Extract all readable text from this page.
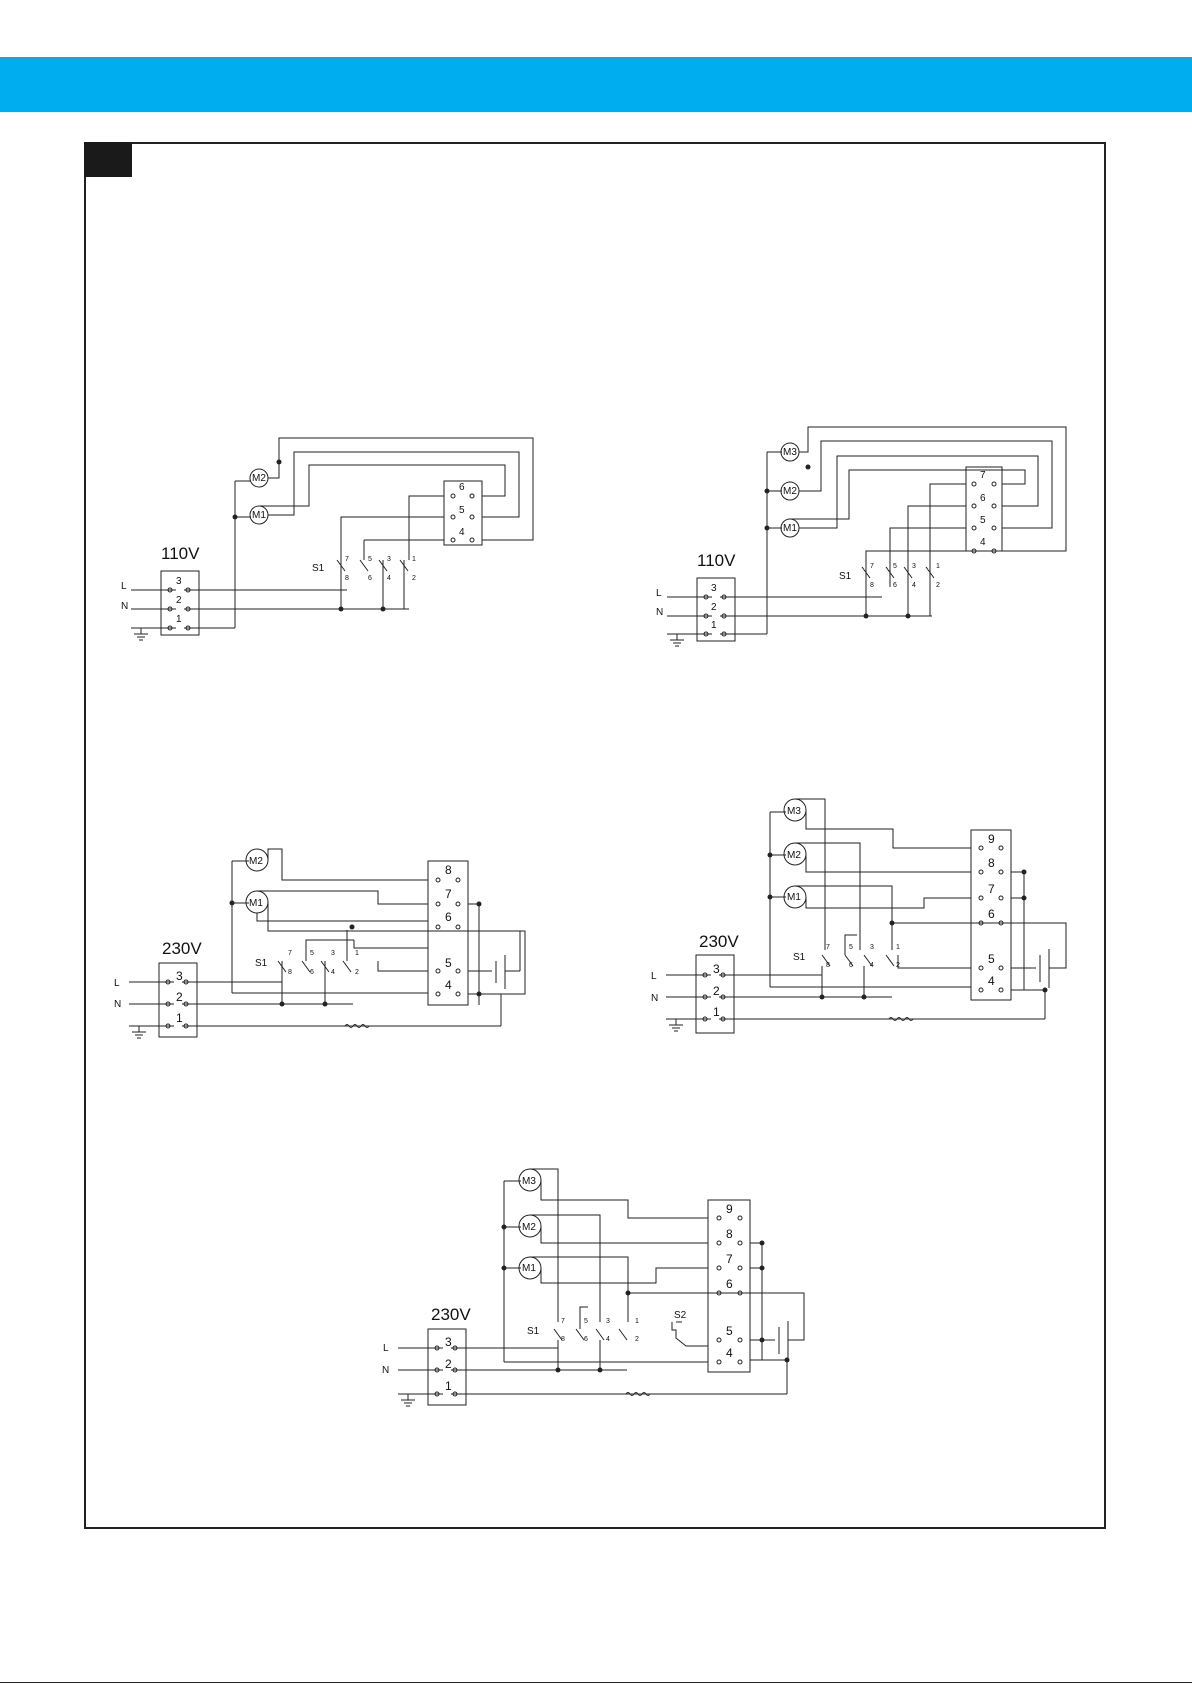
110V
L
N
3
2
1
6
5
4
M2
M1
S1
7	5 3	1
8	6 4	2
110V
L
N
3
2
1
7
6
5
4
M3
M2
M1
S1
7	5 3	1
8	6 4	2
230V
L
N
3
2
1
8
7
6
5
4
M2
M1
S1
7	5 3	1
8	6 4	2
230V
L
N
3
2
1
9
8
7
6
5
4
M3
M2
M1
S1
7	5 3	1
8	6 4	2
230V
L
N
3
2
1
9
8
7
6
5
4
M3
M2
M1
S1
S2
7	5	3	1
8	6	4	2
